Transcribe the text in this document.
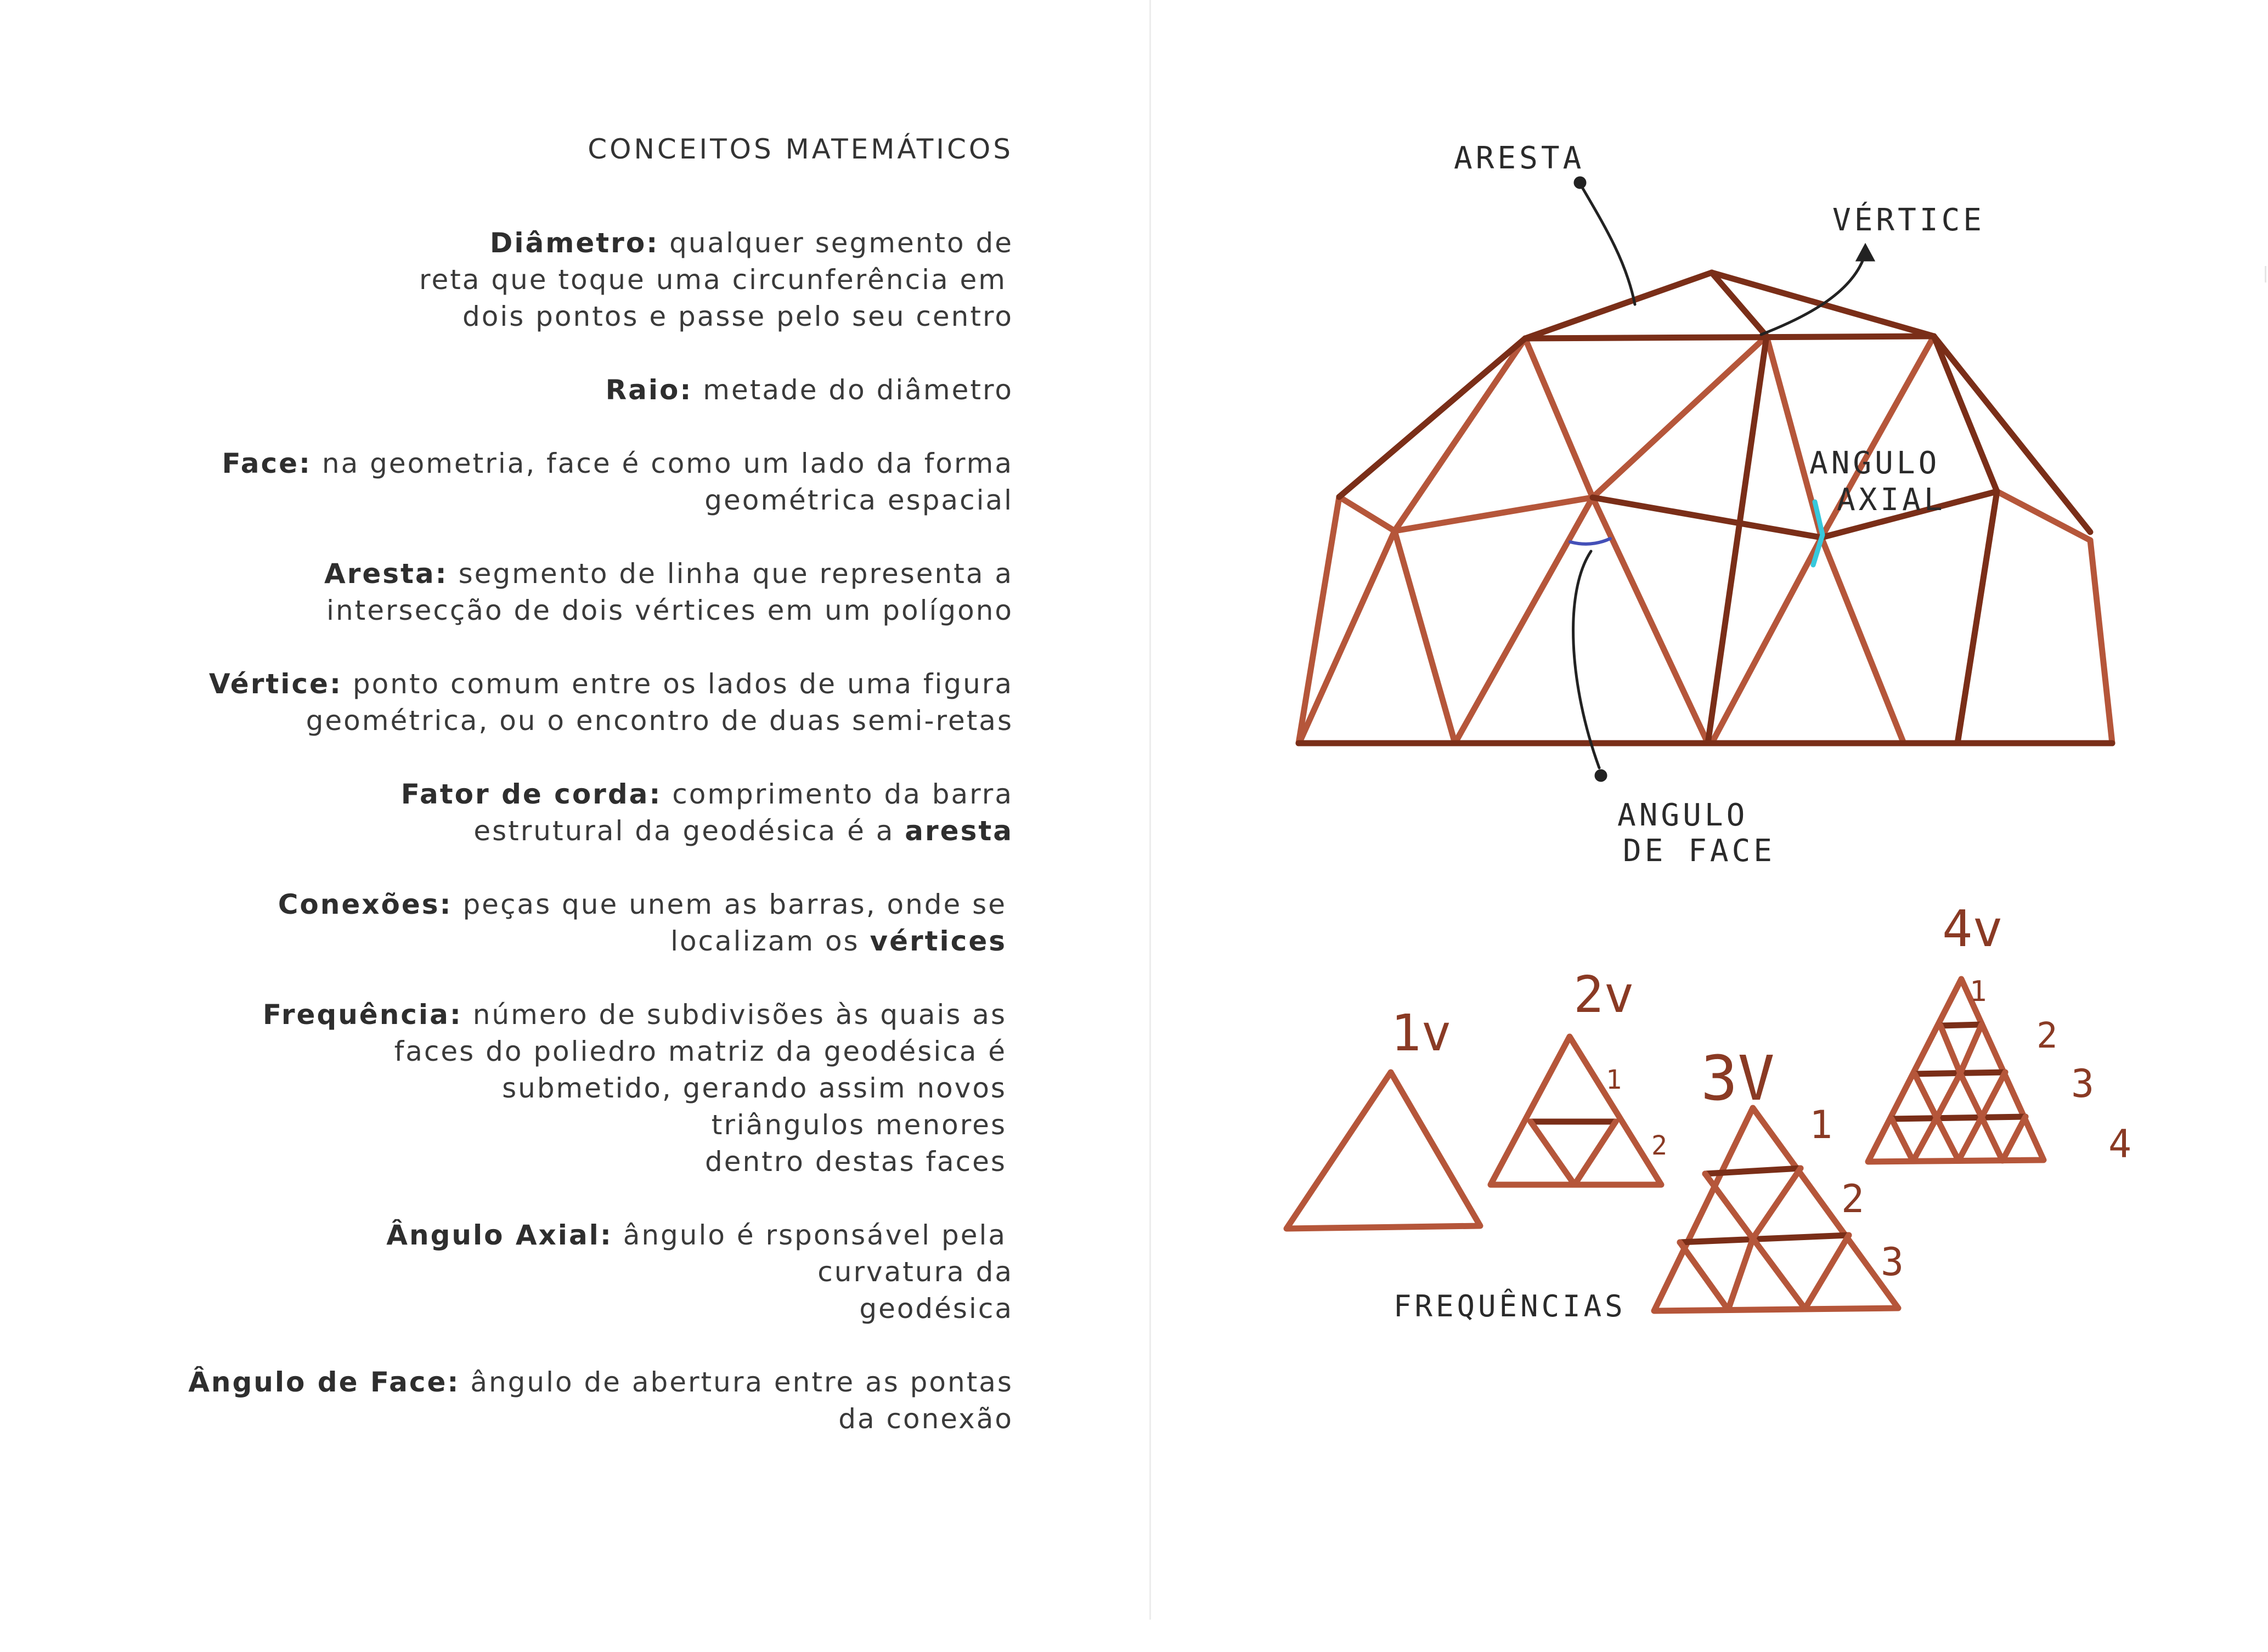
CONCEITOS MATEMÁTICOS

Diâmetro: qualquer segmento de
reta que toque uma circunferência em
dois pontos e passe pelo seu centro

Raio: metade do diâmetro

Face: na geometria, face é como um lado da forma
geométrica espacial

Aresta: segmento de linha que representa a
intersecção de dois vértices em um polígono

Vértice: ponto comum entre os lados de uma figura
geométrica, ou o encontro de duas semi-retas

Fator de corda: comprimento da barra
estrutural da geodésica é a aresta

Conexões: peças que unem as barras, onde se
localizam os vértices

Frequência: número de subdivisões às quais as
faces do poliedro matriz da geodésica é
submetido, gerando assim novos
triângulos menores
dentro destas faces

Ângulo Axial: ângulo é rsponsável pela
curvatura da
geodésica

Ângulo de Face: ângulo de abertura entre as pontas
da conexão

ARESTA
VÉRTICE
ANGULO
AXIAL
ANGULO
DE FACE
FREQUÊNCIAS
1v
2v
3V
4v
1
2	1
2
3
1
2
3
4
